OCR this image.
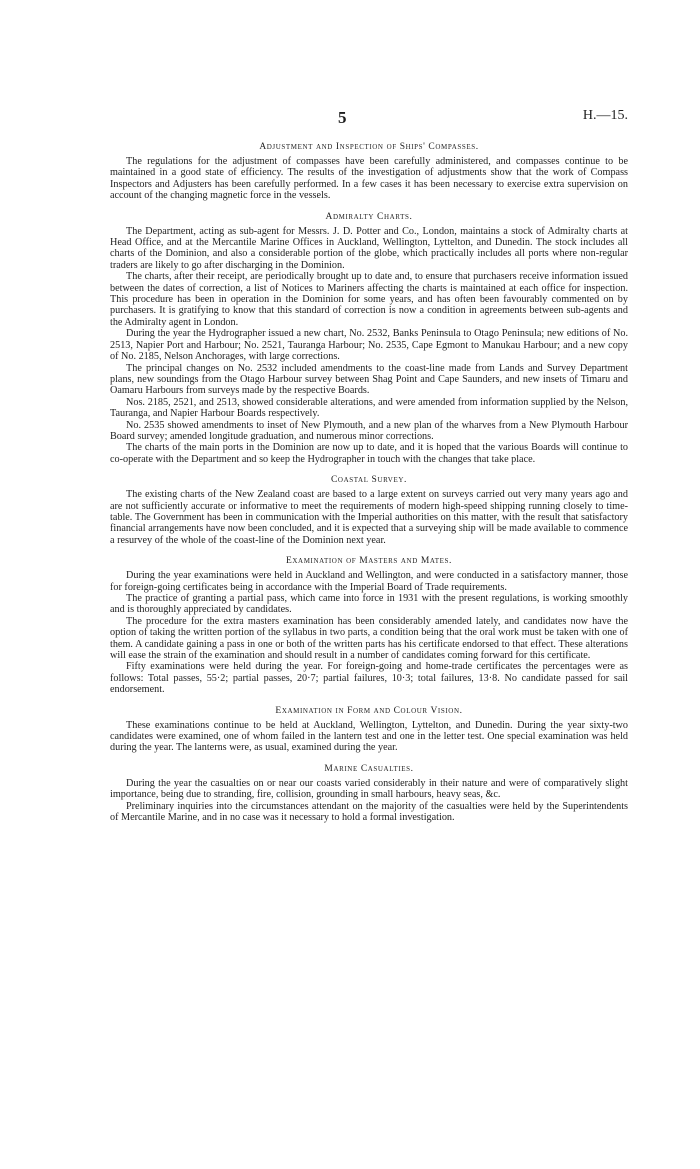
5	H.—15.
Adjustment and Inspection of Ships' Compasses.

The regulations for the adjustment of compasses have been carefully administered, and compasses continue to be maintained in a good state of efficiency. The results of the investigation of adjustments show that the work of Compass Inspectors and Adjusters has been carefully performed. In a few cases it has been necessary to exercise extra supervision on account of the changing magnetic force in the vessels.

Admiralty Charts.

The Department, acting as sub-agent for Messrs. J. D. Potter and Co., London, maintains a stock of Admiralty charts at Head Office, and at the Mercantile Marine Offices in Auckland, Wellington, Lyttelton, and Dunedin. The stock includes all charts of the Dominion, and also a considerable portion of the globe, which practically includes all ports where non-regular traders are likely to go after discharging in the Dominion.

The charts, after their receipt, are periodically brought up to date and, to ensure that purchasers receive information issued between the dates of correction, a list of Notices to Mariners affecting the charts is maintained at each office for inspection. This procedure has been in operation in the Dominion for some years, and has often been favourably commented on by purchasers. It is gratifying to know that this standard of correction is now a condition in agreements between sub-agents and the Admiralty agent in London.

During the year the Hydrographer issued a new chart, No. 2532, Banks Peninsula to Otago Peninsula; new editions of No. 2513, Napier Port and Harbour; No. 2521, Tauranga Harbour; No. 2535, Cape Egmont to Manukau Harbour; and a new copy of No. 2185, Nelson Anchorages, with large corrections.

The principal changes on No. 2532 included amendments to the coast-line made from Lands and Survey Department plans, new soundings from the Otago Harbour survey between Shag Point and Cape Saunders, and new insets of Timaru and Oamaru Harbours from surveys made by the respective Boards.

Nos. 2185, 2521, and 2513, showed considerable alterations, and were amended from information supplied by the Nelson, Tauranga, and Napier Harbour Boards respectively.

No. 2535 showed amendments to inset of New Plymouth, and a new plan of the wharves from a New Plymouth Harbour Board survey; amended longitude graduation, and numerous minor corrections.

The charts of the main ports in the Dominion are now up to date, and it is hoped that the various Boards will continue to co-operate with the Department and so keep the Hydrographer in touch with the changes that take place.

Coastal Survey.

The existing charts of the New Zealand coast are based to a large extent on surveys carried out very many years ago and are not sufficiently accurate or informative to meet the requirements of modern high-speed shipping running closely to time-table. The Government has been in communication with the Imperial authorities on this matter, with the result that satisfactory financial arrangements have now been concluded, and it is expected that a surveying ship will be made available to commence a resurvey of the whole of the coast-line of the Dominion next year.

Examination of Masters and Mates.

During the year examinations were held in Auckland and Wellington, and were conducted in a satisfactory manner, those for foreign-going certificates being in accordance with the Imperial Board of Trade requirements.

The practice of granting a partial pass, which came into force in 1931 with the present regulations, is working smoothly and is thoroughly appreciated by candidates.

The procedure for the extra masters examination has been considerably amended lately, and candidates now have the option of taking the written portion of the syllabus in two parts, a condition being that the oral work must be taken with one of them. A candidate gaining a pass in one or both of the written parts has his certificate endorsed to that effect. These alterations will ease the strain of the examination and should result in a number of candidates coming forward for this certificate.

Fifty examinations were held during the year. For foreign-going and home-trade certificates the percentages were as follows: Total passes, 55·2; partial passes, 20·7; partial failures, 10·3; total failures, 13·8. No candidate passed for sail endorsement.

Examination in Form and Colour Vision.

These examinations continue to be held at Auckland, Wellington, Lyttelton, and Dunedin. During the year sixty-two candidates were examined, one of whom failed in the lantern test and one in the letter test. One special examination was held during the year. The lanterns were, as usual, examined during the year.

Marine Casualties.

During the year the casualties on or near our coasts varied considerably in their nature and were of comparatively slight importance, being due to stranding, fire, collision, grounding in small harbours, heavy seas, &c.

Preliminary inquiries into the circumstances attendant on the majority of the casualties were held by the Superintendents of Mercantile Marine, and in no case was it necessary to hold a formal investigation.
